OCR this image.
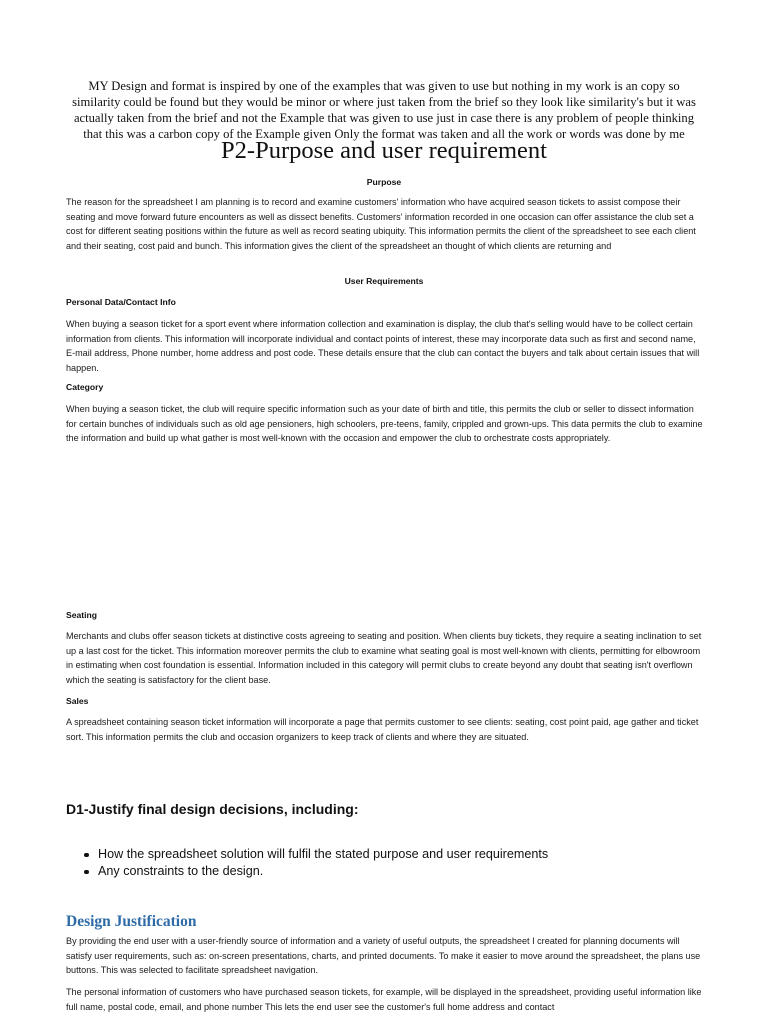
MY Design and format is inspired by one of the examples that was given to use but nothing in my work is an copy so similarity could be found but they would be minor or where just taken from the brief so they look like similarity's but it was actually taken from the brief and not the Example that was given to use just in case there is any problem of people thinking that this was a carbon copy of the Example given Only the format was taken and all the work or words was done by me

P2-Purpose and user requirement
Purpose

The reason for the spreadsheet I am planning is to record and examine customers' information who have acquired season tickets to assist compose their seating and move forward future encounters as well as dissect benefits. Customers' information recorded in one occasion can offer assistance the club set a cost for different seating positions within the future as well as record seating ubiquity. This information permits the client of the spreadsheet to see each client and their seating, cost paid and bunch. This information gives the client of the spreadsheet an thought of which clients are returning and

User Requirements
Personal Data/Contact Info

When buying a season ticket for a sport event where information collection and examination is display, the club that's selling would have to be collect certain information from clients. This information will incorporate individual and contact points of interest, these may incorporate data such as first and second name, E-mail address, Phone number, home address and post code. These details ensure that the club can contact the buyers and talk about certain issues that will happen.

Category

When buying a season ticket, the club will require specific information such as your date of birth and title, this permits the club or seller to dissect information for certain bunches of individuals such as old age pensioners, high schoolers, pre-teens, family, crippled and grown-ups. This data permits the club to examine the information and build up what gather is most well-known with the occasion and empower the club to orchestrate costs appropriately.

Seating

Merchants and clubs offer season tickets at distinctive costs agreeing to seating and position. When clients buy tickets, they require a seating inclination to set up a last cost for the ticket. This information moreover permits the club to examine what seating goal is most well-known with clients, permitting for elbowroom in estimating when cost foundation is essential. Information included in this category will permit clubs to create beyond any doubt that seating isn't overflown which the seating is satisfactory for the client base.

Sales

A spreadsheet containing season ticket information will incorporate a page that permits customer to see clients: seating, cost point paid, age gather and ticket sort. This information permits the club and occasion organizers to keep track of clients and where they are situated.

D1-Justify final design decisions, including:
How the spreadsheet solution will fulfil the stated purpose and user requirements
Any constraints to the design.
Design Justification

By providing the end user with a user-friendly source of information and a variety of useful outputs, the spreadsheet I created for planning documents will satisfy user requirements, such as: on-screen presentations, charts, and printed documents. To make it easier to move around the spreadsheet, the plans use buttons. This was selected to facilitate spreadsheet navigation.

The personal information of customers who have purchased season tickets, for example, will be displayed in the spreadsheet, providing useful information like full name, postal code, email, and phone number This lets the end user see the customer's full home address and contact
